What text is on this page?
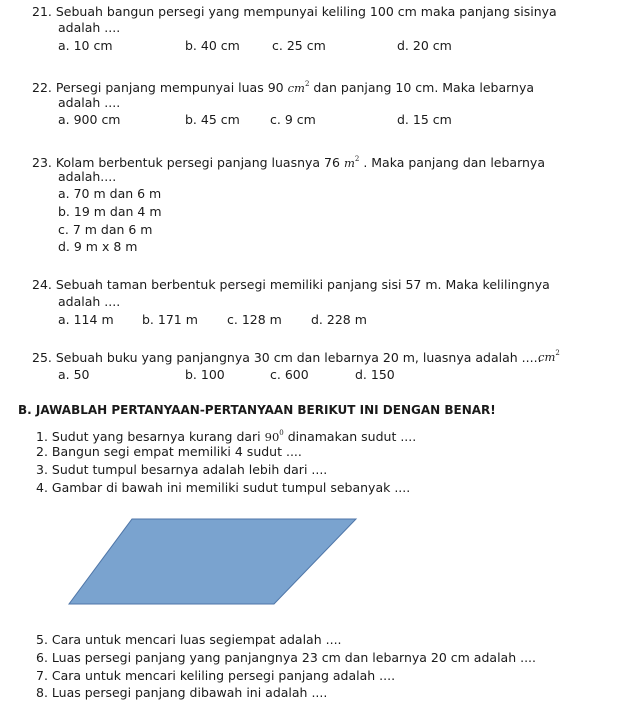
21. Sebuah bangun persegi yang mempunyai keliling 100 cm maka panjang sisinya
adalah ....
a. 10 cm	b. 40 cm	c. 25 cm	d. 20 cm
22. Persegi panjang mempunyai luas 90 $cm^2$ dan panjang 10 cm. Maka lebarnya
adalah ....
a. 900 cm	b. 45 cm c. 9 cm	d. 15 cm
23. Kolam berbentuk persegi panjang luasnya 76 $m^2$ . Maka panjang dan lebarnya
adalah....
a. 70 m dan 6 m
b. 19 m dan 4 m
c. 7 m dan 6 m
d. 9 m x 8 m
24. Sebuah taman berbentuk persegi memiliki panjang sisi 57 m. Maka kelilingnya
adalah ....
a. 114 m b. 171 m c. 128 m d. 228 m
25. Sebuah buku yang panjangnya 30 cm dan lebarnya 20 m, luasnya adalah .....
$cm^2$
a. 50	b. 100	c. 600	d. 150
B. JAWABLAH PERTANYAAN-PERTANYAAN BERIKUT INI DENGAN BENAR!
1. Sudut yang besarnya kurang dari $90^0$ dinamakan sudut ....
2. Bangun segi empat memiliki 4 sudut ....
3. Sudut tumpul besarnya adalah lebih dari ....
4. Gambar di bawah ini memiliki sudut tumpul sebanyak ....
5. Cara untuk mencari luas segiempat adalah ....
6. Luas persegi panjang yang panjangnya 23 cm dan lebarnya 20 cm adalah ....
7. Cara untuk mencari keliling persegi panjang adalah ....
8. Luas persegi panjang dibawah ini adalah ....
